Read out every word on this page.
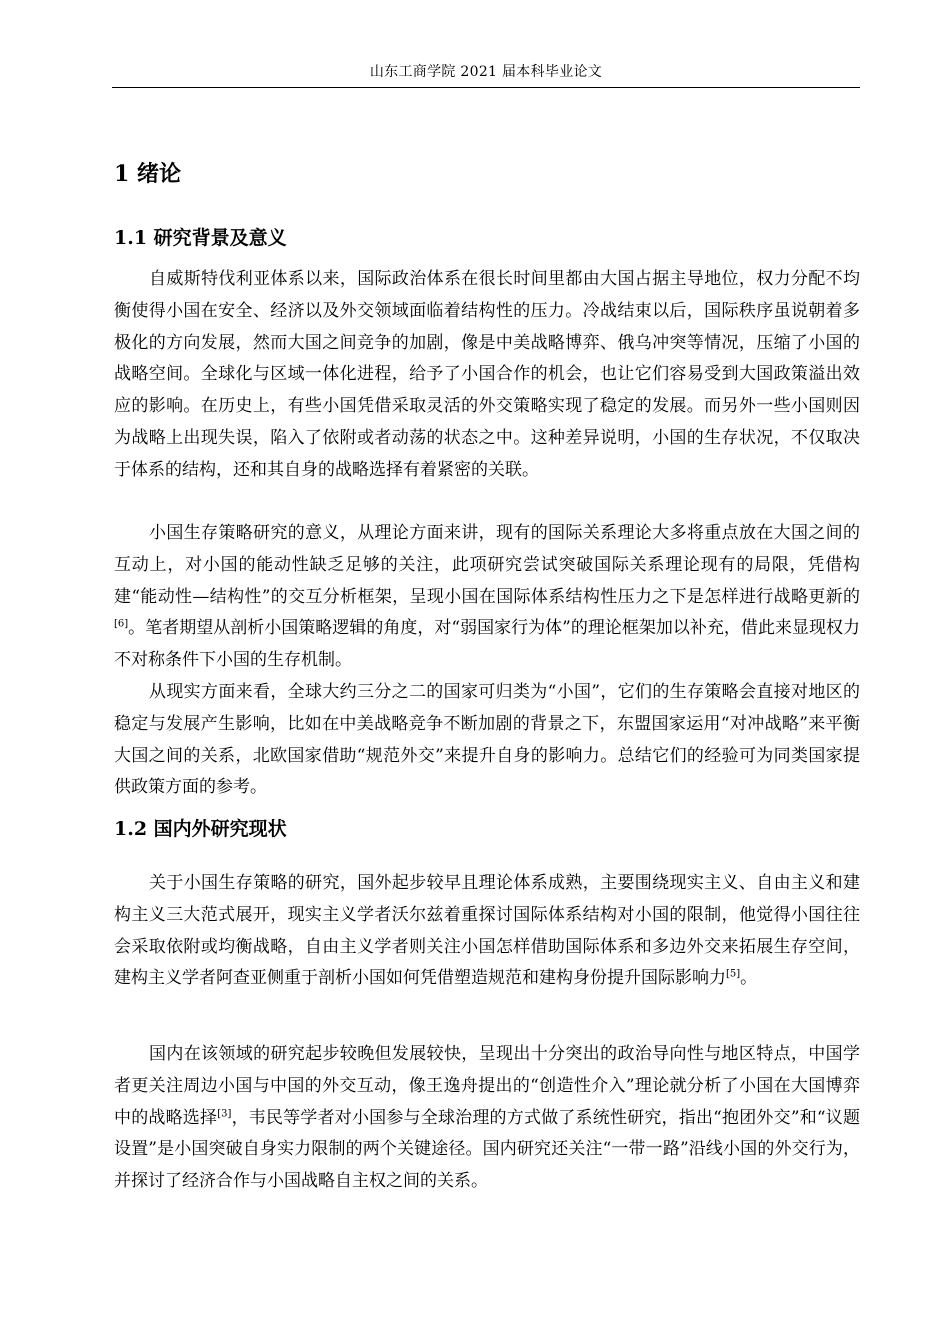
山东工商学院 2021 届本科毕业论文
1 绪论
1.1 研究背景及意义

自威斯特伐利亚体系以来，国际政治体系在很长时间里都由大国占据主导地位，权力分配不均衡使得小国在安全、经济以及外交领域面临着结构性的压力。冷战结束以后，国际秩序虽说朝着多极化的方向发展，然而大国之间竞争的加剧，像是中美战略博弈、俄乌冲突等情况，压缩了小国的战略空间。全球化与区域一体化进程，给予了小国合作的机会，也让它们容易受到大国政策溢出效应的影响。在历史上，有些小国凭借采取灵活的外交策略实现了稳定的发展。而另外一些小国则因为战略上出现失误，陷入了依附或者动荡的状态之中。这种差异说明，小国的生存状况，不仅取决于体系的结构，还和其自身的战略选择有着紧密的关联。

小国生存策略研究的意义，从理论方面来讲，现有的国际关系理论大多将重点放在大国之间的互动上，对小国的能动性缺乏足够的关注，此项研究尝试突破国际关系理论现有的局限，凭借构建“能动性—结构性”的交互分析框架，呈现小国在国际体系结构性压力之下是怎样进行战略更新的[6]。笔者期望从剖析小国策略逻辑的角度，对“弱国家行为体”的理论框架加以补充，借此来显现权力不对称条件下小国的生存机制。

从现实方面来看，全球大约三分之二的国家可归类为“小国”，它们的生存策略会直接对地区的稳定与发展产生影响，比如在中美战略竞争不断加剧的背景之下，东盟国家运用“对冲战略”来平衡大国之间的关系，北欧国家借助“规范外交”来提升自身的影响力。总结它们的经验可为同类国家提供政策方面的参考。

1.2 国内外研究现状

关于小国生存策略的研究，国外起步较早且理论体系成熟，主要围绕现实主义、自由主义和建构主义三大范式展开，现实主义学者沃尔兹着重探讨国际体系结构对小国的限制，他觉得小国往往会采取依附或均衡战略，自由主义学者则关注小国怎样借助国际体系和多边外交来拓展生存空间，建构主义学者阿查亚侧重于剖析小国如何凭借塑造规范和建构身份提升国际影响力[5]。

国内在该领域的研究起步较晚但发展较快，呈现出十分突出的政治导向性与地区特点，中国学者更关注周边小国与中国的外交互动，像王逸舟提出的“创造性介入”理论就分析了小国在大国博弈中的战略选择[3]，韦民等学者对小国参与全球治理的方式做了系统性研究，指出“抱团外交”和“议题设置”是小国突破自身实力限制的两个关键途径。国内研究还关注“一带一路”沿线小国的外交行为，并探讨了经济合作与小国战略自主权之间的关系。
